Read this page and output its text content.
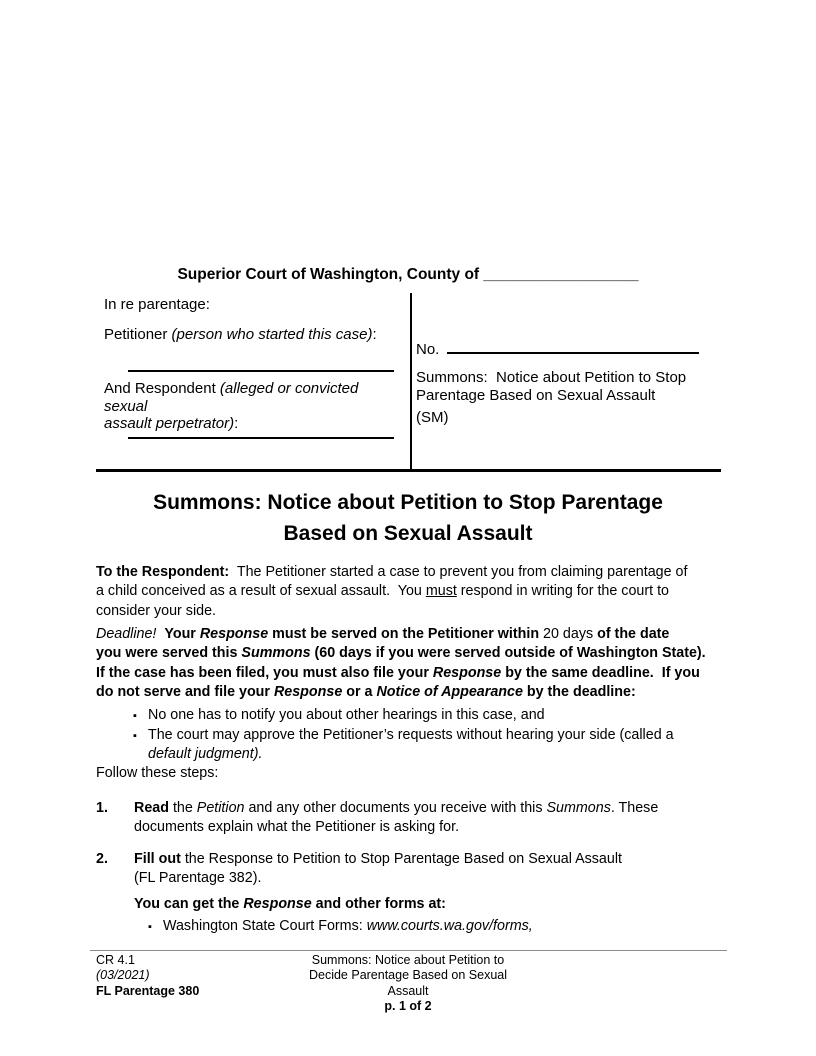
Superior Court of Washington, County of __________________
In re parentage:
Petitioner (person who started this case):
And Respondent (alleged or convicted sexual
assault perpetrator):
No.
Summons:  Notice about Petition to Stop
Parentage Based on Sexual Assault
(SM)
Summons: Notice about Petition to Stop Parentage
Based on Sexual Assault
To the Respondent:  The Petitioner started a case to prevent you from claiming parentage of
a child conceived as a result of sexual assault.  You must respond in writing for the court to
consider your side.
Deadline! Your Response must be served on the Petitioner within 20 days of the date
you were served this Summons (60 days if you were served outside of Washington State).
If the case has been filed, you must also file your Response by the same deadline.  If you
do not serve and file your Response or a Notice of Appearance by the deadline:
▪ No one has to notify you about other hearings in this case, and
▪ The court may approve the Petitioner’s requests without hearing your side (called a
default judgment).
Follow these steps:
1. Read the Petition and any other documents you receive with this Summons. These
documents explain what the Petitioner is asking for.
2. Fill out the Response to Petition to Stop Parentage Based on Sexual Assault
(FL Parentage 382).
You can get the Response and other forms at:
▪ Washington State Court Forms: www.courts.wa.gov/forms,
CR 4.1
(03/2021)
FL Parentage 380
Summons: Notice about Petition to
Decide Parentage Based on Sexual
Assault
p. 1 of 2
